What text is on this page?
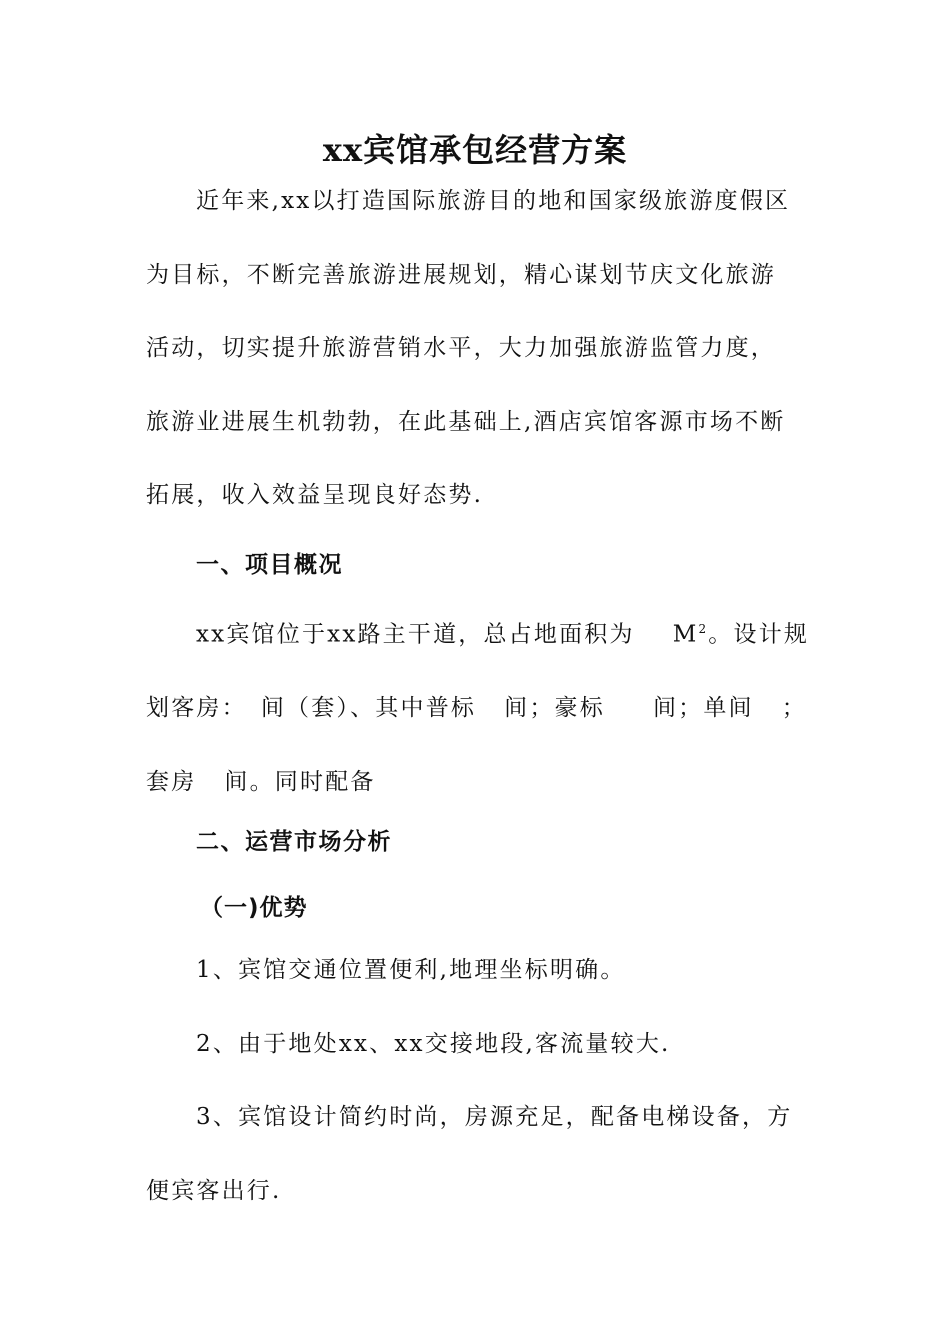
xx宾馆承包经营方案

近年来,xx以打造国际旅游目的地和国家级旅游度假区
为目标，不断完善旅游进展规划，精心谋划节庆文化旅游
活动，切实提升旅游营销水平，大力加强旅游监管力度，
旅游业进展生机勃勃，在此基础上,酒店宾馆客源市场不断
拓展，收入效益呈现良好态势.

一、项目概况

xx宾馆位于xx路主干道，总占地面积为 $M^2$。设计规
划客房： 间（套）、其中普标 间；豪标 间；单间 ；
套房 间。同时配备

二、运营市场分析
（一)优势

1、宾馆交通位置便利,地理坐标明确。
2、由于地处xx、xx交接地段,客流量较大.
3、宾馆设计简约时尚，房源充足，配备电梯设备，方
便宾客出行.
